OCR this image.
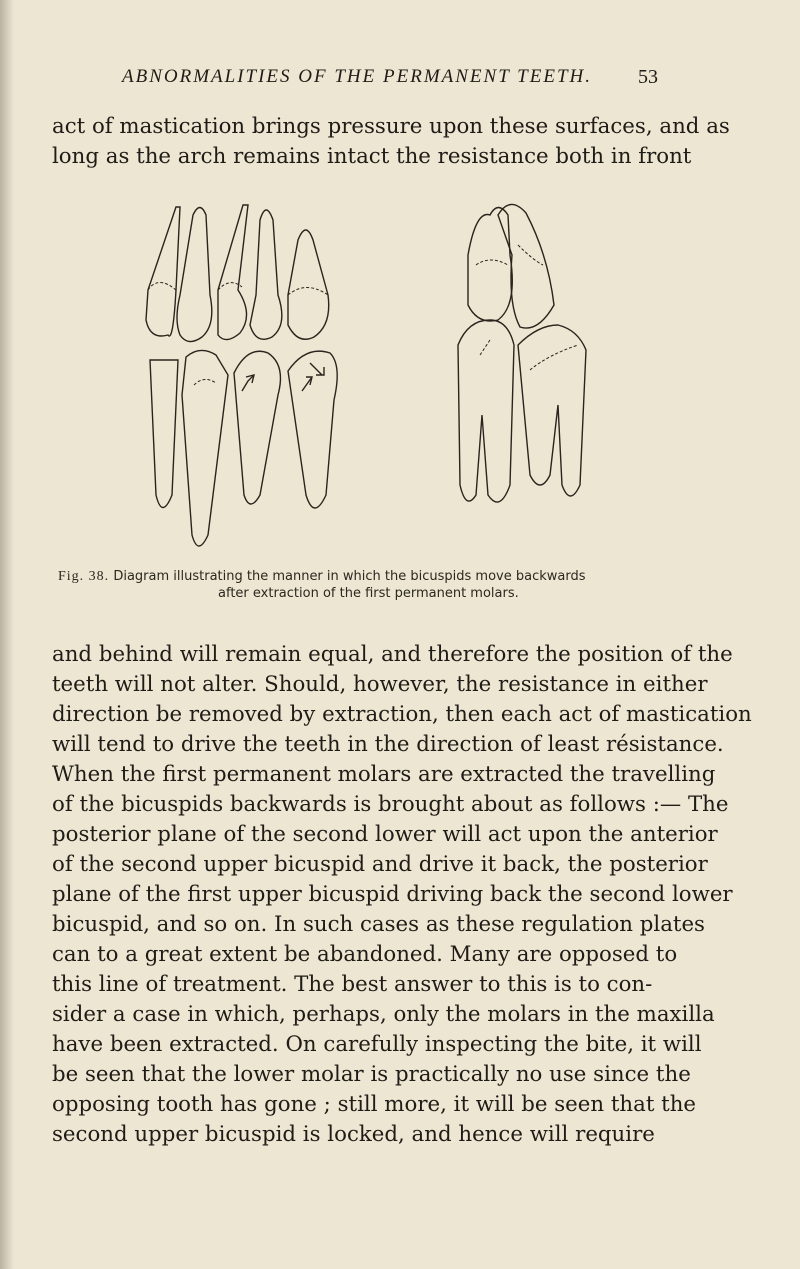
ABNORMALITIES OF THE PERMANENT TEETH. 53
act of mastication brings pressure upon these surfaces, and as
long as the arch remains intact the resistance both in front
Fig. 38. Diagram illustrating the manner in which the bicuspids move backwards
after extraction of the first permanent molars.
and behind will remain equal, and therefore the position of the
teeth will not alter. Should, however, the resistance in either
direction be removed by extraction, then each act of mastication
will tend to drive the teeth in the direction of least résistance.
When the first permanent molars are extracted the travelling
of the bicuspids backwards is brought about as follows :— The
posterior plane of the second lower will act upon the anterior
of the second upper bicuspid and drive it back, the posterior
plane of the first upper bicuspid driving back the second lower
bicuspid, and so on. In such cases as these regulation plates
can to a great extent be abandoned. Many are opposed to
this line of treatment. The best answer to this is to con-
sider a case in which, perhaps, only the molars in the maxilla
have been extracted. On carefully inspecting the bite, it will
be seen that the lower molar is practically no use since the
opposing tooth has gone ; still more, it will be seen that the
second upper bicuspid is locked, and hence will require
